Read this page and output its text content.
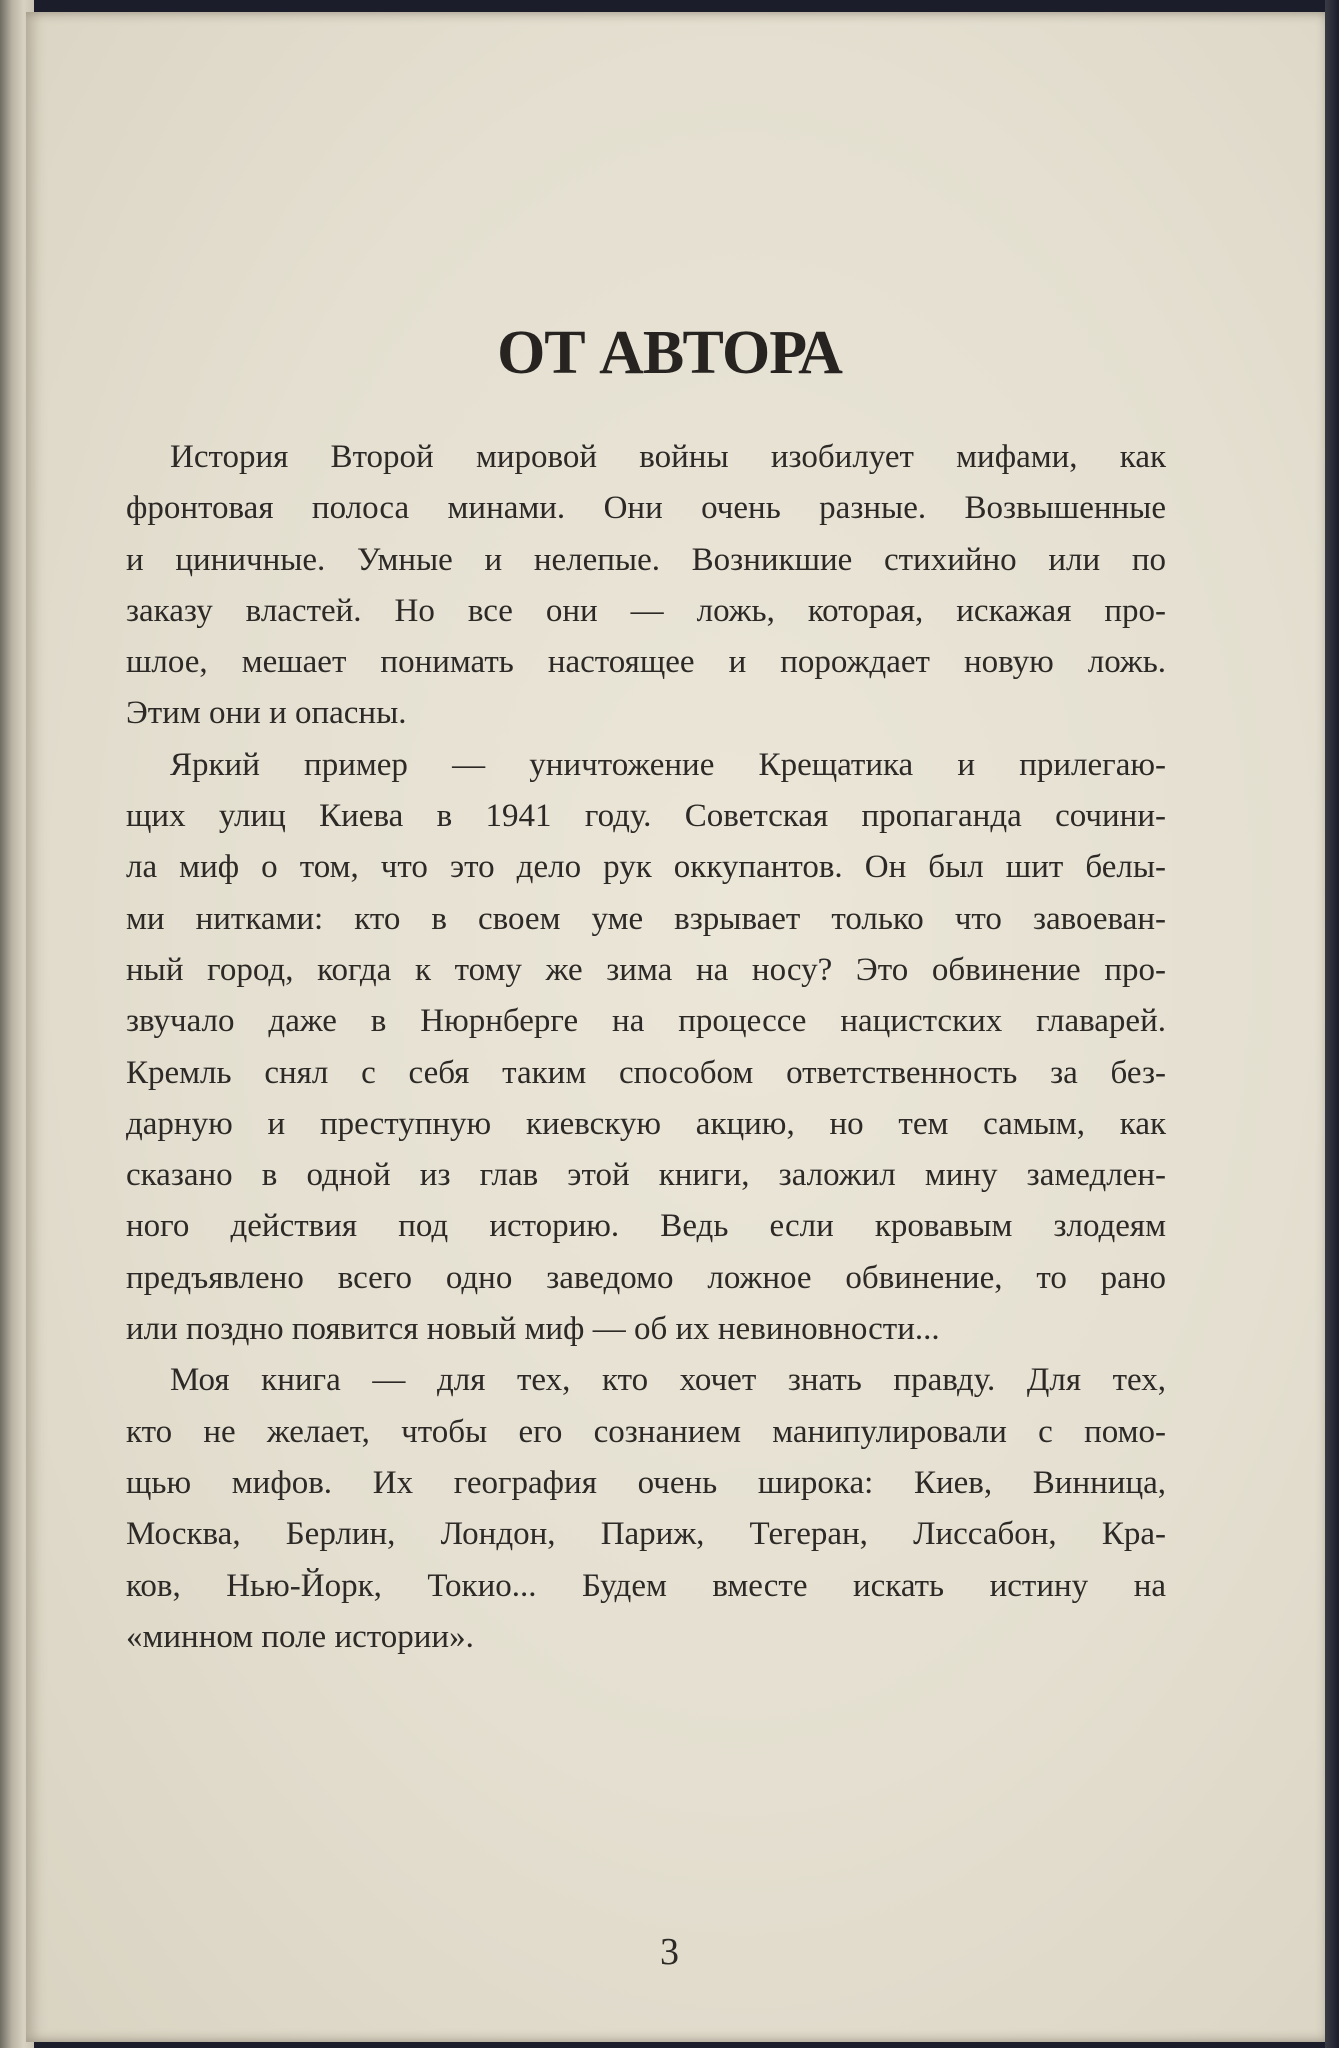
ОТ АВТОРА
История Второй мировой войны изобилует мифами, как
фронтовая полоса минами. Они очень разные. Возвышенные
и циничные. Умные и нелепые. Возникшие стихийно или по
заказу властей. Но все они — ложь, которая, искажая про-
шлое, мешает понимать настоящее и порождает новую ложь.
Этим они и опасны.
Яркий пример — уничтожение Крещатика и прилегаю-
щих улиц Киева в 1941 году. Советская пропаганда сочини-
ла миф о том, что это дело рук оккупантов. Он был шит белы-
ми нитками: кто в своем уме взрывает только что завоеван-
ный город, когда к тому же зима на носу? Это обвинение про-
звучало даже в Нюрнберге на процессе нацистских главарей.
Кремль снял с себя таким способом ответственность за без-
дарную и преступную киевскую акцию, но тем самым, как
сказано в одной из глав этой книги, заложил мину замедлен-
ного действия под историю. Ведь если кровавым злодеям
предъявлено всего одно заведомо ложное обвинение, то рано
или поздно появится новый миф — об их невиновности...
Моя книга — для тех, кто хочет знать правду. Для тех,
кто не желает, чтобы его сознанием манипулировали с помо-
щью мифов. Их география очень широка: Киев, Винница,
Москва, Берлин, Лондон, Париж, Тегеран, Лиссабон, Кра-
ков, Нью-Йорк, Токио... Будем вместе искать истину на
«минном поле истории».
3
